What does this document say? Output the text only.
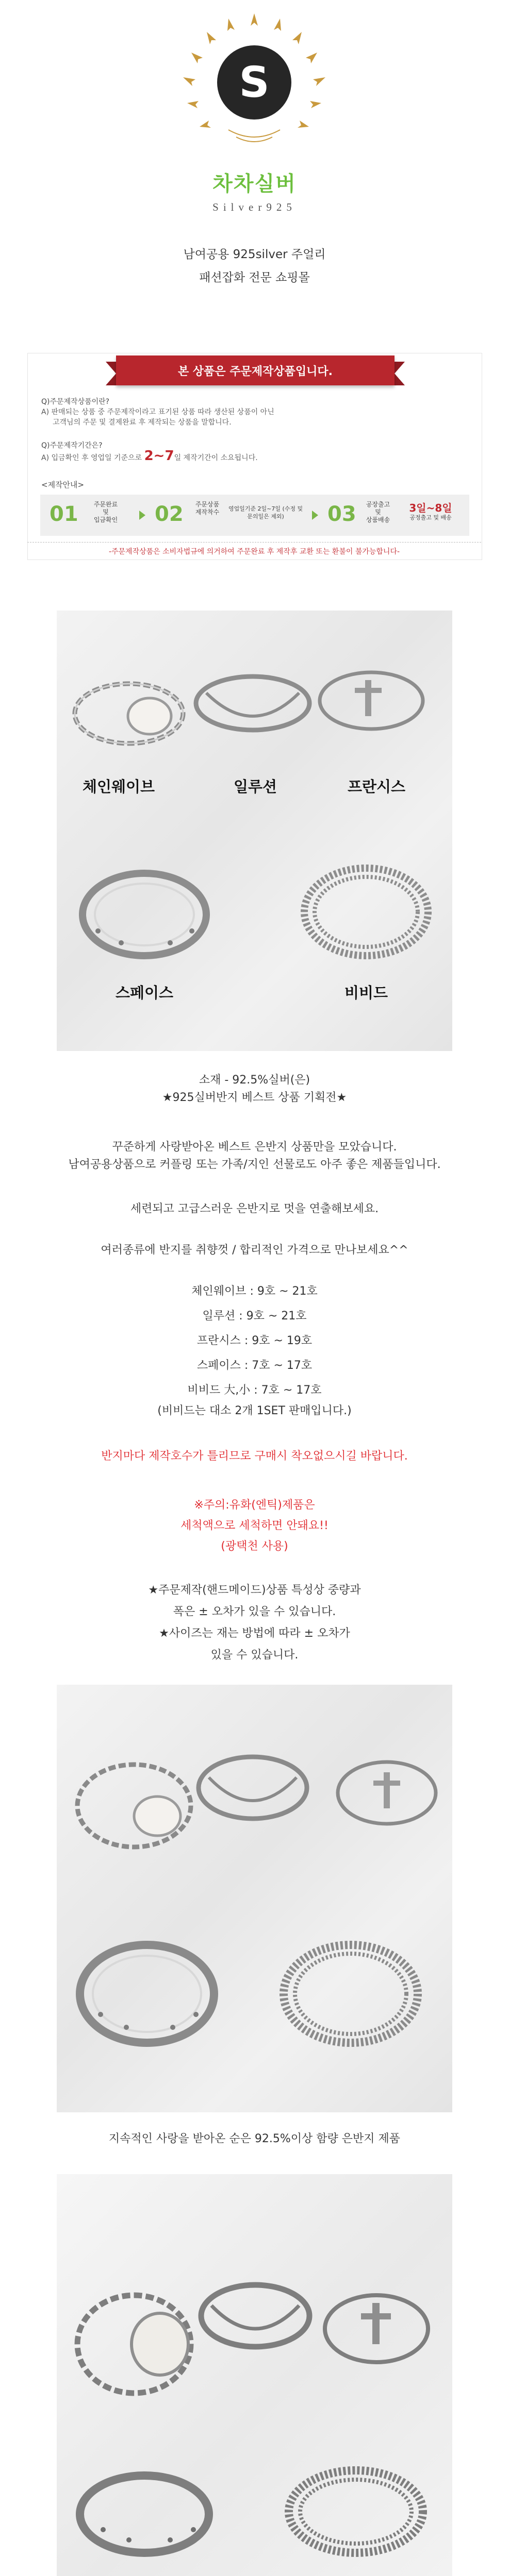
S
차차실버
Silver925
남여공용 925silver 주얼리
패션잡화 전문 쇼핑몰
본 상품은 주문제작상품입니다.
Q)주문제작상품이란?
A) 판매되는 상품 중 주문제작이라고 표기된 상품 따라 생산된 상품이 아닌
고객님의 주문 및 결제완료 후 제작되는 상품을 말합니다.
Q)주문제작기간은?
A) 입금확인 후 영업일 기준으로 2~7일 제작기간이 소요됩니다.
<제작안내>
01	주문완료
및
입금확인	02	주문상품
제작착수	영업일기준 2일~7일 (수정 및 문의일은 제외)	03	공장출고
및
상품배송
3일~8일
공정출고 및 배송
-주문제작상품은 소비자법규에 의거하여 주문완료 후 제작후 교환 또는 환불이 불가능합니다-
체인웨이브	일루션	프란시스
스페이스	비비드
소재 - 92.5%실버(은)
★925실버반지 베스트 상품 기획전★
꾸준하게 사랑받아온 베스트 은반지 상품만을 모았습니다.
남여공용상품으로 커플링 또는 가족/지인 선물로도 아주 좋은 제품들입니다.
세련되고 고급스러운 은반지로 멋을 연출해보세요.
여러종류에 반지를 취향껏 / 합리적인 가격으로 만나보세요^^
체인웨이브 : 9호 ~ 21호
일루션 : 9호 ~ 21호
프란시스 : 9호 ~ 19호
스페이스 : 7호 ~ 17호
비비드 大,小 : 7호 ~ 17호
(비비드는 대소 2개 1SET 판매입니다.)
반지마다 제작호수가 틀리므로 구매시 착오없으시길 바랍니다.
※주의:유화(엔틱)제품은
세척액으로 세척하면 안돼요!!
(광택천 사용)
★주문제작(핸드메이드)상품 특성상 중량과
폭은 ± 오차가 있을 수 있습니다.
★사이즈는 재는 방법에 따라 ± 오차가
있을 수 있습니다.
지속적인 사랑을 받아온 순은 92.5%이상 함량 은반지 제품
